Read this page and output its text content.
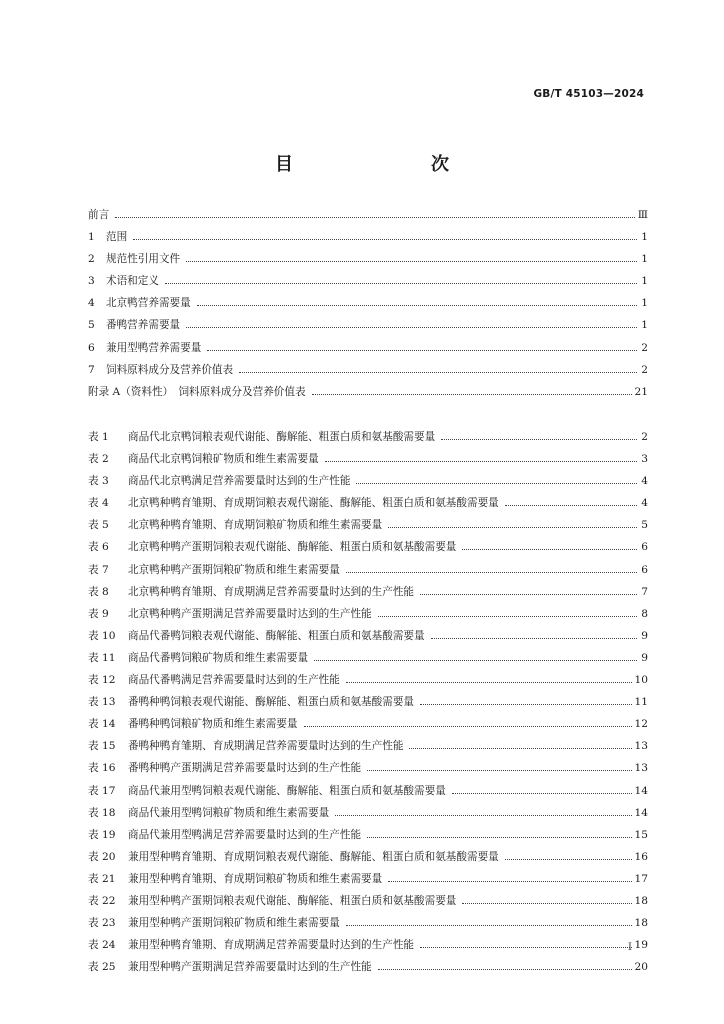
GB/T 45103—2024
目　　次
前言	Ⅲ
1	范围	1
2	规范性引用文件	1
3	术语和定义	1
4	北京鸭营养需要量	1
5	番鸭营养需要量	1
6	兼用型鸭营养需要量	2
7	饲料原料成分及营养价值表	2
附录 A（资料性）　饲料原料成分及营养价值表	21
表 1	商品代北京鸭饲粮表观代谢能、酶解能、粗蛋白质和氨基酸需要量	2
表 2	商品代北京鸭饲粮矿物质和维生素需要量	3
表 3	商品代北京鸭满足营养需要量时达到的生产性能	4
表 4	北京鸭种鸭育雏期、育成期饲粮表观代谢能、酶解能、粗蛋白质和氨基酸需要量	4
表 5	北京鸭种鸭育雏期、育成期饲粮矿物质和维生素需要量	5
表 6	北京鸭种鸭产蛋期饲粮表观代谢能、酶解能、粗蛋白质和氨基酸需要量	6
表 7	北京鸭种鸭产蛋期饲粮矿物质和维生素需要量	6
表 8	北京鸭种鸭育雏期、育成期满足营养需要量时达到的生产性能	7
表 9	北京鸭种鸭产蛋期满足营养需要量时达到的生产性能	8
表 10	商品代番鸭饲粮表观代谢能、酶解能、粗蛋白质和氨基酸需要量	9
表 11	商品代番鸭饲粮矿物质和维生素需要量	9
表 12	商品代番鸭满足营养需要量时达到的生产性能	10
表 13	番鸭种鸭饲粮表观代谢能、酶解能、粗蛋白质和氨基酸需要量	11
表 14	番鸭种鸭饲粮矿物质和维生素需要量	12
表 15	番鸭种鸭育雏期、育成期满足营养需要量时达到的生产性能	13
表 16	番鸭种鸭产蛋期满足营养需要量时达到的生产性能	13
表 17	商品代兼用型鸭饲粮表观代谢能、酶解能、粗蛋白质和氨基酸需要量	14
表 18	商品代兼用型鸭饲粮矿物质和维生素需要量	14
表 19	商品代兼用型鸭满足营养需要量时达到的生产性能	15
表 20	兼用型种鸭育雏期、育成期饲粮表观代谢能、酶解能、粗蛋白质和氨基酸需要量	16
表 21	兼用型种鸭育雏期、育成期饲粮矿物质和维生素需要量	17
表 22	兼用型种鸭产蛋期饲粮表观代谢能、酶解能、粗蛋白质和氨基酸需要量	18
表 23	兼用型种鸭产蛋期饲粮矿物质和维生素需要量	18
表 24	兼用型种鸭育雏期、育成期满足营养需要量时达到的生产性能	19
表 25	兼用型种鸭产蛋期满足营养需要量时达到的生产性能	20
I
